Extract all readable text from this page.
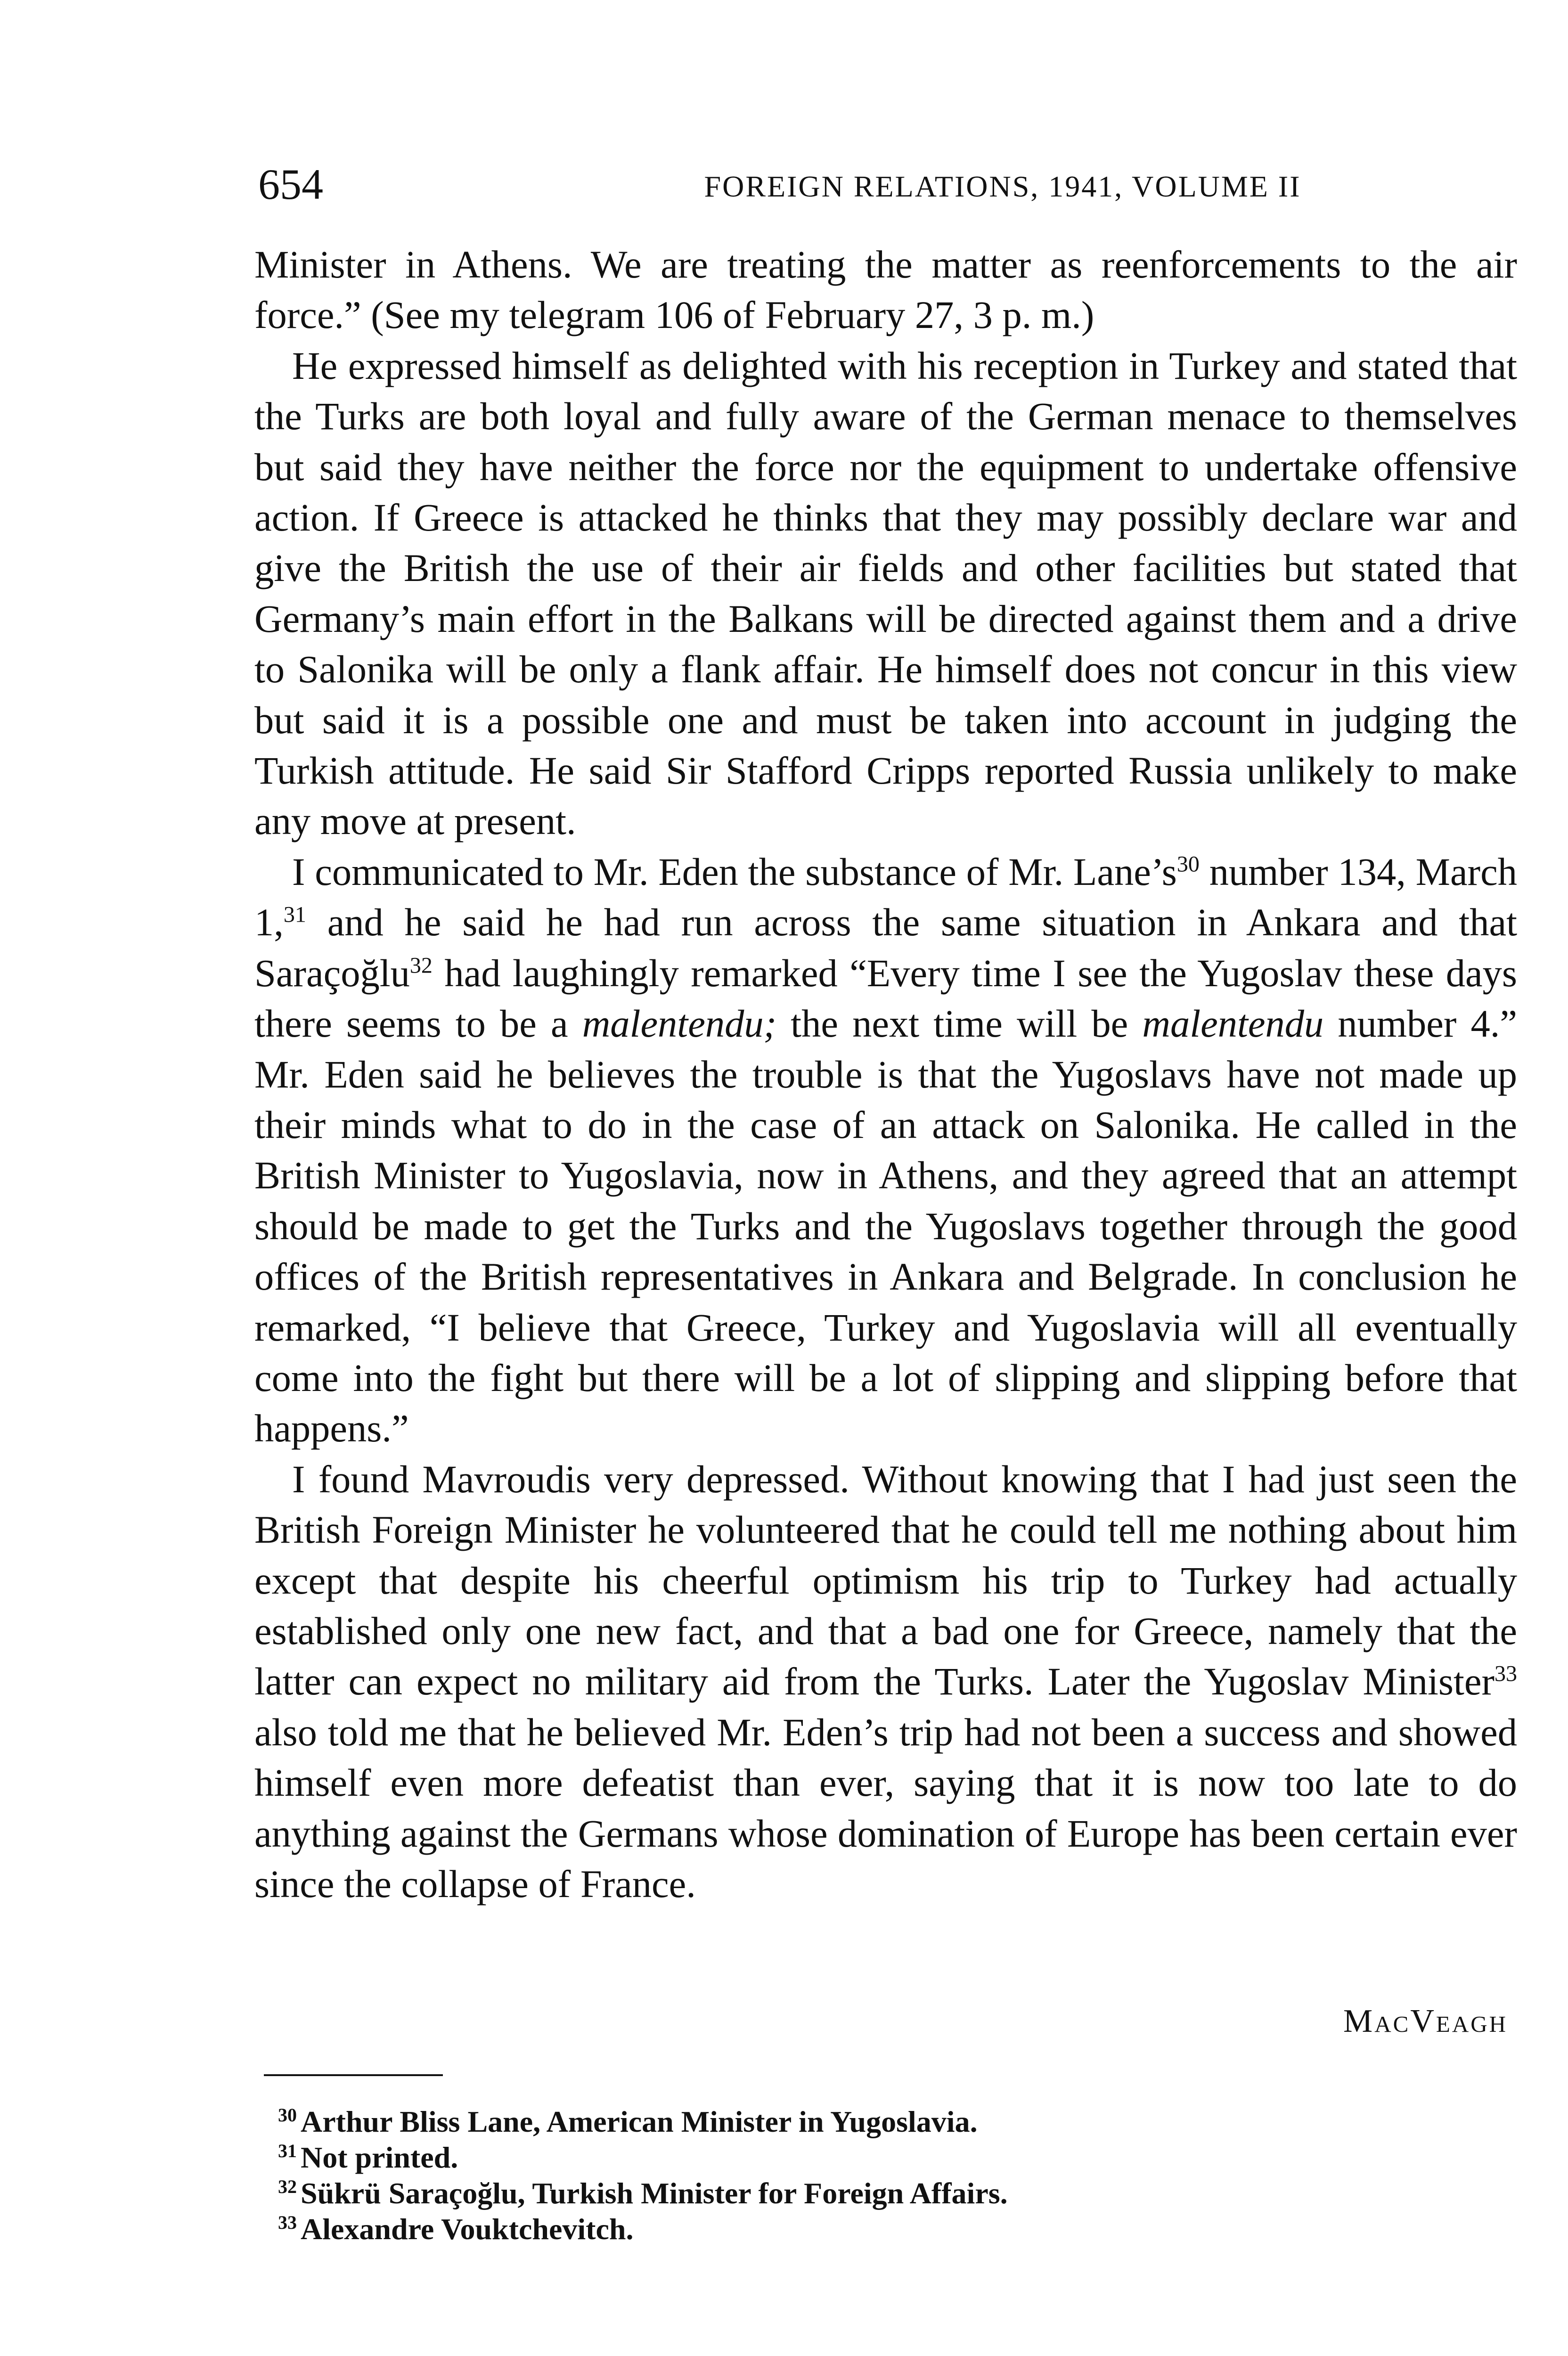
654	FOREIGN RELATIONS, 1941, VOLUME II

Minister in Athens. We are treating the matter as reenforcements to the air force.” (See my telegram 106 of February 27, 3 p. m.)

He expressed himself as delighted with his reception in Turkey and stated that the Turks are both loyal and fully aware of the German menace to themselves but said they have neither the force nor the equipment to undertake offensive action. If Greece is attacked he thinks that they may possibly declare war and give the British the use of their air fields and other facilities but stated that Germany’s main effort in the Balkans will be directed against them and a drive to Salonika will be only a flank affair. He himself does not concur in this view but said it is a possible one and must be taken into account in judging the Turkish attitude. He said Sir Stafford Cripps reported Russia unlikely to make any move at present.

I communicated to Mr. Eden the substance of Mr. Lane’s$^{30}$ number 134, March 1,31 and he said he had run across the same situation in Ankara and that Saraçoğlu$^{32}$ had laughingly remarked “Every time I see the Yugoslav these days there seems to be a malentendu; the next time will be malentendu number 4.” Mr. Eden said he believes the trouble is that the Yugoslavs have not made up their minds what to do in the case of an attack on Salonika. He called in the British Minister to Yugoslavia, now in Athens, and they agreed that an attempt should be made to get the Turks and the Yugoslavs together through the good offices of the British representatives in Ankara and Belgrade. In conclusion he remarked, “I believe that Greece, Turkey and Yugoslavia will all eventually come into the fight but there will be a lot of slipping and slipping before that happens.”

I found Mavroudis very depressed. Without knowing that I had just seen the British Foreign Minister he volunteered that he could tell me nothing about him except that despite his cheerful optimism his trip to Turkey had actually established only one new fact, and that a bad one for Greece, namely that the latter can expect no military aid from the Turks. Later the Yugoslav Minister$^{33}$ also told me that he believed Mr. Eden’s trip had not been a success and showed himself even more defeatist than ever, saying that it is now too late to do anything against the Germans whose domination of Europe has been certain ever since the collapse of France.

MacVeagh
$^{30}$ Arthur Bliss Lane, American Minister in Yugoslavia.
$^{31}$ Not printed.
$^{32}$ Sükrü Saraçoğlu, Turkish Minister for Foreign Affairs.
$^{33}$ Alexandre Vouktchevitch.
